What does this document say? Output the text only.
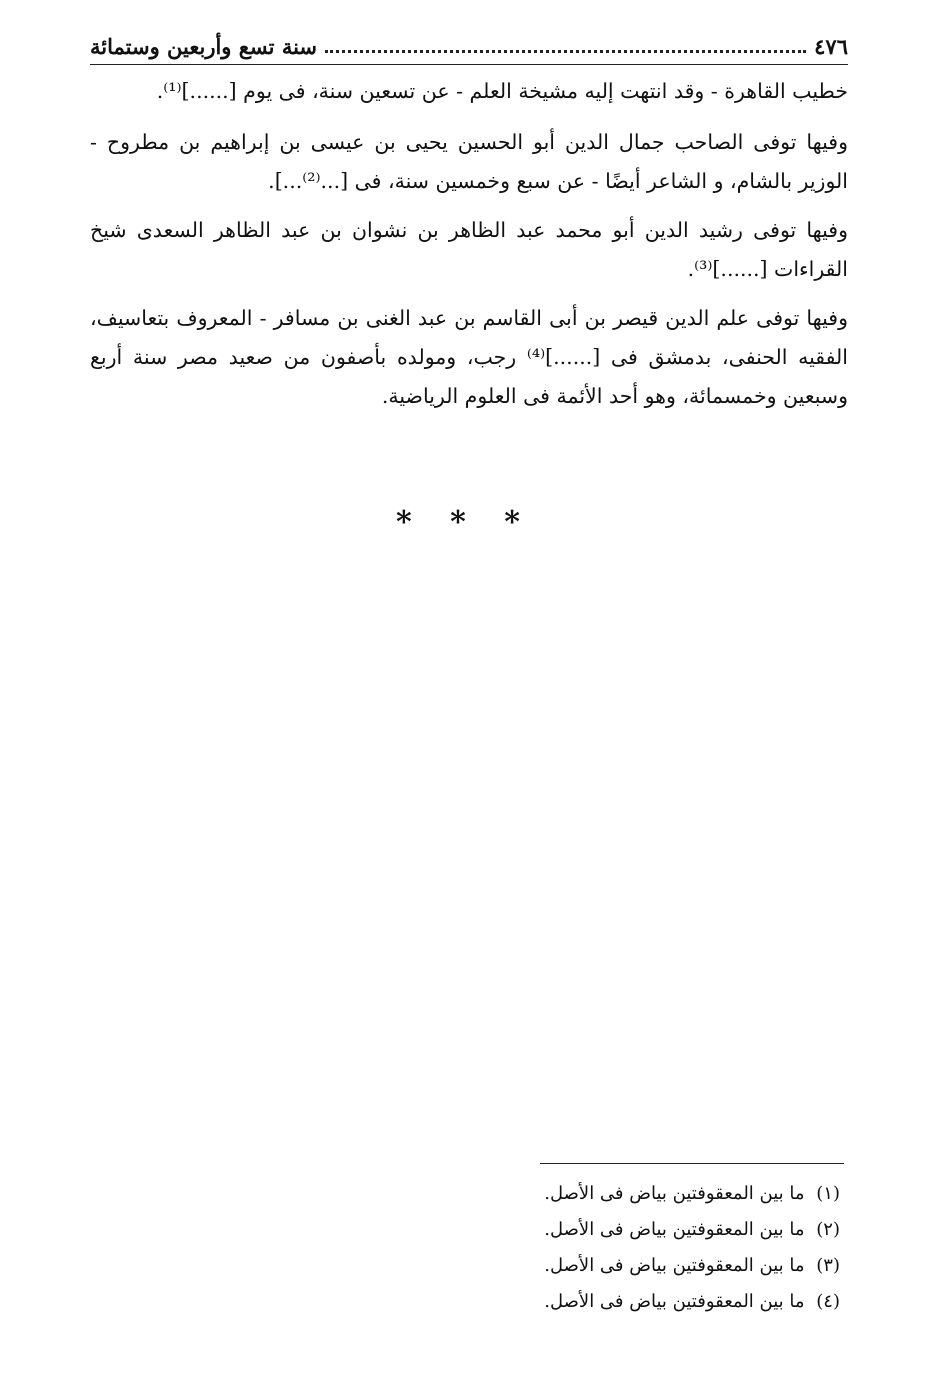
٤٧٦
سنة تسع وأربعين وستمائة

خطيب القاهرة - وقد انتهت إليه مشيخة العلم - عن تسعين سنة، فى يوم [......]⁽¹⁾.

وفيها توفى الصاحب جمال الدين أبو الحسين يحيى بن عيسى بن إبراهيم بن مطروح - الوزير بالشام، و الشاعر أيضًا - عن سبع وخمسين سنة، فى [...⁽²⁾...].

وفيها توفى رشيد الدين أبو محمد عبد الظاهر بن نشوان بن عبد الظاهر السعدى شيخ القراءات [......]⁽³⁾.

وفيها توفى علم الدين قيصر بن أبى القاسم بن عبد الغنى بن مسافر - المعروف بتعاسيف، الفقيه الحنفى، بدمشق فى [......]⁽⁴⁾ رجب، ومولده بأصفون من صعيد مصر سنة أربع وسبعين وخمسمائة، وهو أحد الأئمة فى العلوم الرياضية.

* * *
(١) ما بين المعقوفتين بياض فى الأصل.
(٢) ما بين المعقوفتين بياض فى الأصل.
(٣) ما بين المعقوفتين بياض فى الأصل.
(٤) ما بين المعقوفتين بياض فى الأصل.
